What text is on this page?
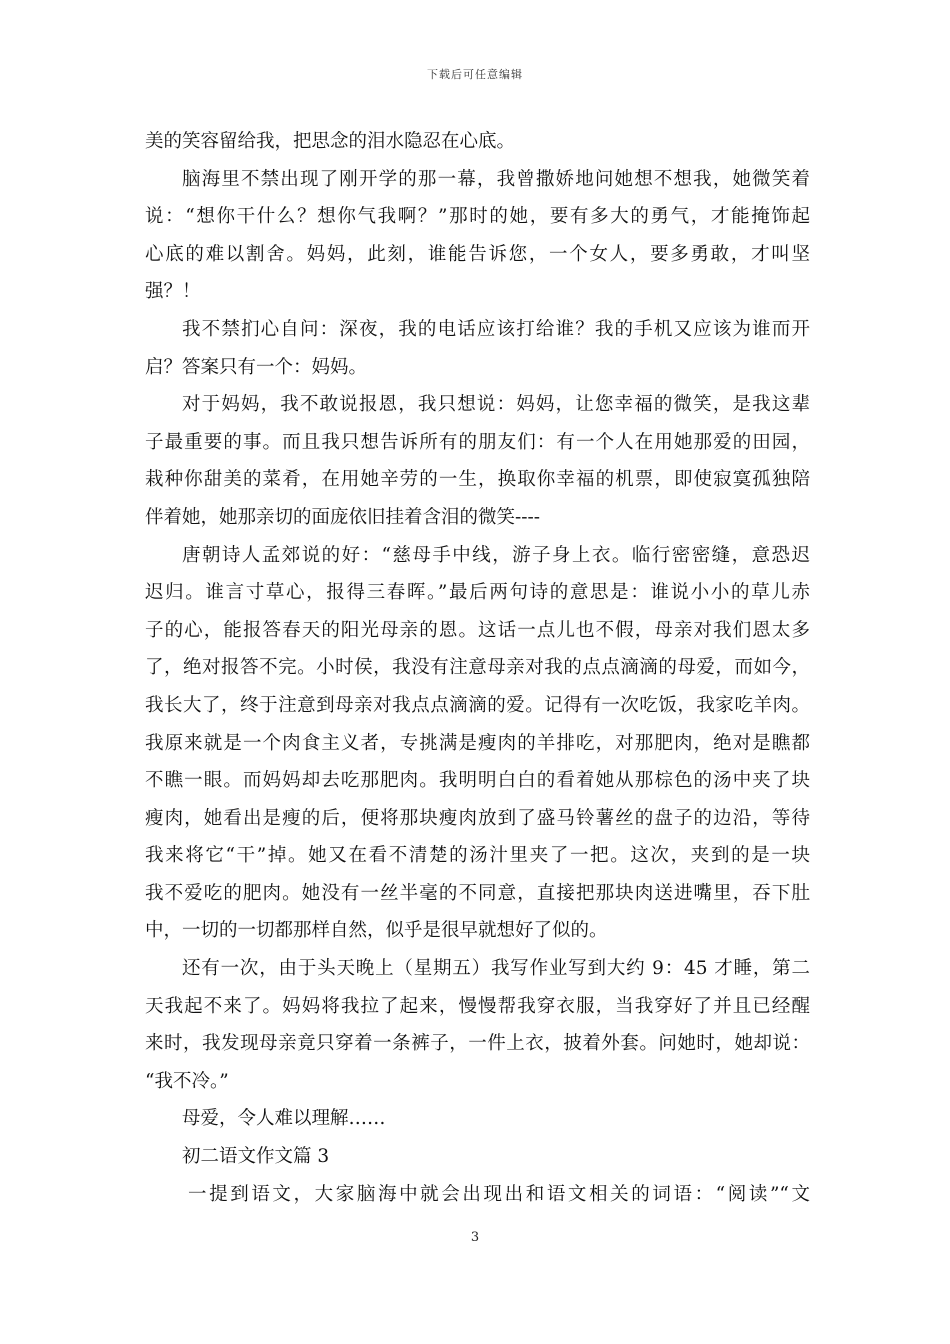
下载后可任意编辑
美的笑容留给我，把思念的泪水隐忍在心底。
脑海里不禁出现了刚开学的那一幕，我曾撒娇地问她想不想我，她微笑着
说：“想你干什么？想你气我啊？”那时的她，要有多大的勇气，才能掩饰起
心底的难以割舍。妈妈，此刻，谁能告诉您，一个女人，要多勇敢，才叫坚
强？！
我不禁扪心自问：深夜，我的电话应该打给谁？我的手机又应该为谁而开
启？答案只有一个：妈妈。
对于妈妈，我不敢说报恩，我只想说：妈妈，让您幸福的微笑，是我这辈
子最重要的事。而且我只想告诉所有的朋友们：有一个人在用她那爱的田园，
栽种你甜美的菜肴，在用她辛劳的一生，换取你幸福的机票，即使寂寞孤独陪
伴着她，她那亲切的面庞依旧挂着含泪的微笑----
唐朝诗人孟郊说的好：“慈母手中线，游子身上衣。临行密密缝，意恐迟
迟归。谁言寸草心，报得三春晖。”最后两句诗的意思是：谁说小小的草儿赤
子的心，能报答春天的阳光母亲的恩。这话一点儿也不假，母亲对我们恩太多
了，绝对报答不完。小时侯，我没有注意母亲对我的点点滴滴的母爱，而如今，
我长大了，终于注意到母亲对我点点滴滴的爱。记得有一次吃饭，我家吃羊肉。
我原来就是一个肉食主义者，专挑满是瘦肉的羊排吃，对那肥肉，绝对是瞧都
不瞧一眼。而妈妈却去吃那肥肉。我明明白白的看着她从那棕色的汤中夹了块
瘦肉，她看出是瘦的后，便将那块瘦肉放到了盛马铃薯丝的盘子的边沿，等待
我来将它“干”掉。她又在看不清楚的汤汁里夹了一把。这次，夹到的是一块
我不爱吃的肥肉。她没有一丝半毫的不同意，直接把那块肉送进嘴里，吞下肚
中，一切的一切都那样自然，似乎是很早就想好了似的。
还有一次，由于头天晚上（星期五）我写作业写到大约 9：45 才睡，第二
天我起不来了。妈妈将我拉了起来，慢慢帮我穿衣服，当我穿好了并且已经醒
来时，我发现母亲竟只穿着一条裤子，一件上衣，披着外套。问她时，她却说：
“我不冷。”
母爱，令人难以理解……
初二语文作文篇 3
一提到语文，大家脑海中就会出现出和语文相关的词语：“阅读”“文
3
